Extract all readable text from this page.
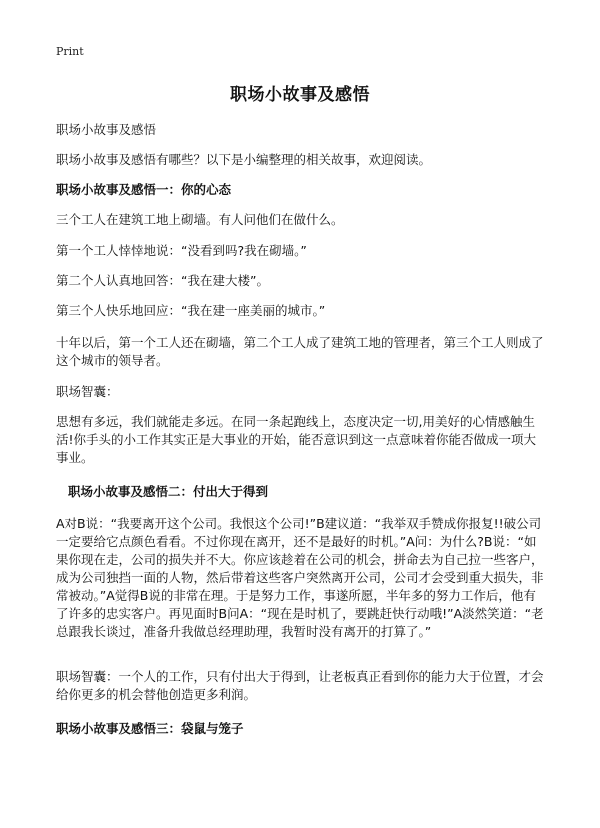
Print
职场小故事及感悟
职场小故事及感悟
职场小故事及感悟有哪些？以下是小编整理的相关故事，欢迎阅读。
职场小故事及感悟一：你的心态
三个工人在建筑工地上砌墙。有人问他们在做什么。
第一个工人悻悻地说：“没看到吗?我在砌墙。”
第二个人认真地回答：“我在建大楼”。
第三个人快乐地回应：“我在建一座美丽的城市。”
十年以后，第一个工人还在砌墙，第二个工人成了建筑工地的管理者，第三个工人则成了这个城市的领导者。
职场智囊：
思想有多远，我们就能走多远。在同一条起跑线上，态度决定一切,用美好的心情感触生活!你手头的小工作其实正是大事业的开始，能否意识到这一点意味着你能否做成一项大事业。
职场小故事及感悟二：付出大于得到
A对B说：“我要离开这个公司。我恨这个公司!”B建议道：“我举双手赞成你报复!!破公司一定要给它点颜色看看。不过你现在离开，还不是最好的时机。”A问：为什么?B说：“如果你现在走，公司的损失并不大。你应该趁着在公司的机会，拼命去为自己拉一些客户，成为公司独挡一面的人物，然后带着这些客户突然离开公司，公司才会受到重大损失，非常被动。”A觉得B说的非常在理。于是努力工作，事遂所愿，半年多的努力工作后，他有了许多的忠实客户。再见面时B问A：“现在是时机了，要跳赶快行动哦!”A淡然笑道：“老总跟我长谈过，准备升我做总经理助理，我暂时没有离开的打算了。”
职场智囊：一个人的工作，只有付出大于得到，让老板真正看到你的能力大于位置，才会给你更多的机会替他创造更多利润。
职场小故事及感悟三：袋鼠与笼子
